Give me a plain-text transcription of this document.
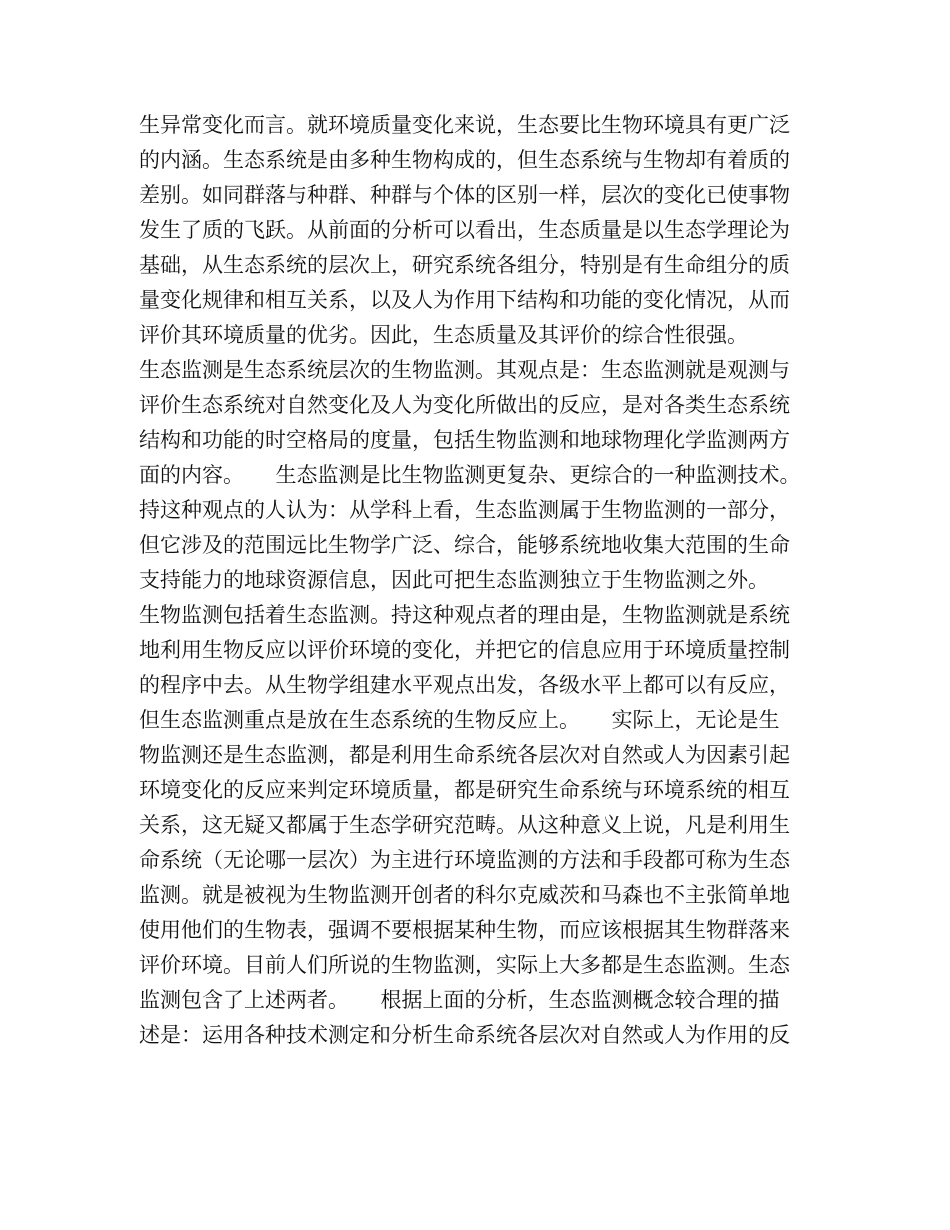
生异常变化而言。就环境质量变化来说，生态要比生物环境具有更广泛
的内涵。生态系统是由多种生物构成的，但生态系统与生物却有着质的
差别。如同群落与种群、种群与个体的区别一样，层次的变化已使事物
发生了质的飞跃。从前面的分析可以看出，生态质量是以生态学理论为
基础，从生态系统的层次上，研究系统各组分，特别是有生命组分的质
量变化规律和相互关系，以及人为作用下结构和功能的变化情况，从而
评价其环境质量的优劣。因此，生态质量及其评价的综合性很强。
生态监测是生态系统层次的生物监测。其观点是：生态监测就是观测与
评价生态系统对自然变化及人为变化所做出的反应，是对各类生态系统
结构和功能的时空格局的度量，包括生物监测和地球物理化学监测两方
面的内容。　　生态监测是比生物监测更复杂、更综合的一种监测技术。
持这种观点的人认为：从学科上看，生态监测属于生物监测的一部分，
但它涉及的范围远比生物学广泛、综合，能够系统地收集大范围的生命
支持能力的地球资源信息，因此可把生态监测独立于生物监测之外。
生物监测包括着生态监测。持这种观点者的理由是，生物监测就是系统
地利用生物反应以评价环境的变化，并把它的信息应用于环境质量控制
的程序中去。从生物学组建水平观点出发，各级水平上都可以有反应，
但生态监测重点是放在生态系统的生物反应上。　　实际上，无论是生
物监测还是生态监测，都是利用生命系统各层次对自然或人为因素引起
环境变化的反应来判定环境质量，都是研究生命系统与环境系统的相互
关系，这无疑又都属于生态学研究范畴。从这种意义上说，凡是利用生
命系统（无论哪一层次）为主进行环境监测的方法和手段都可称为生态
监测。就是被视为生物监测开创者的科尔克威茨和马森也不主张简单地
使用他们的生物表，强调不要根据某种生物，而应该根据其生物群落来
评价环境。目前人们所说的生物监测，实际上大多都是生态监测。生态
监测包含了上述两者。　　根据上面的分析，生态监测概念较合理的描
述是：运用各种技术测定和分析生命系统各层次对自然或人为作用的反
